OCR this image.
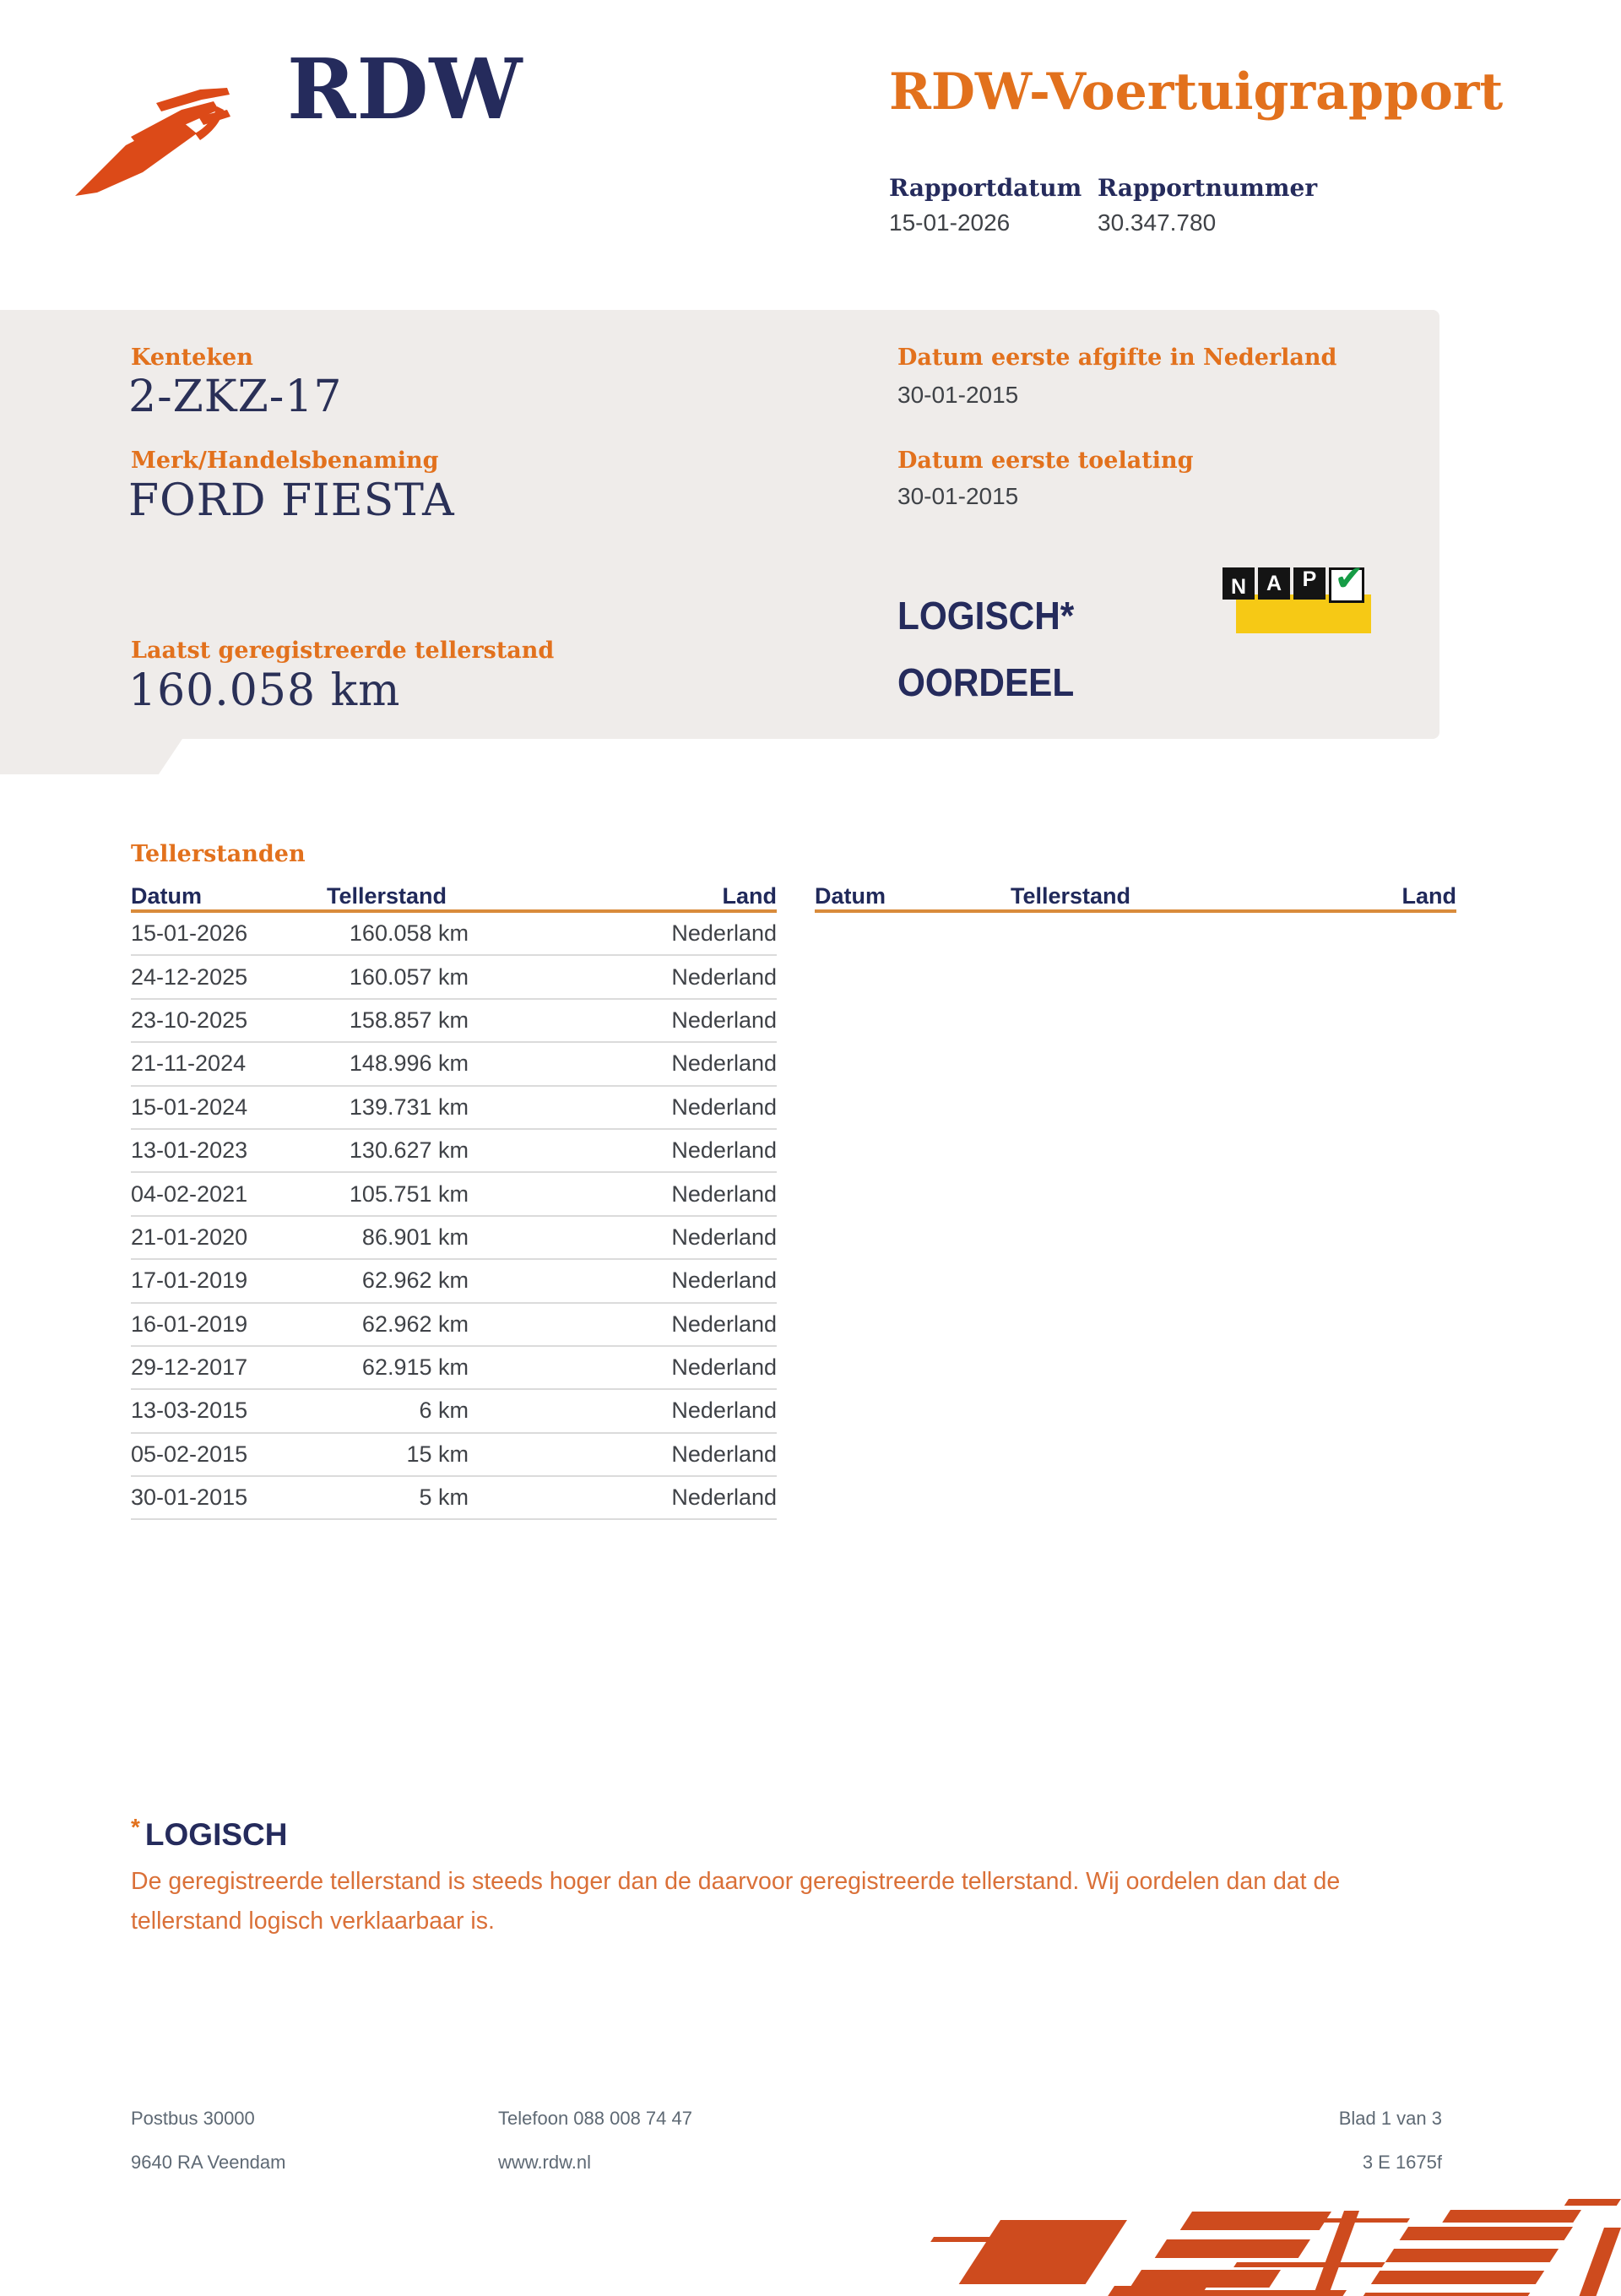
RDW	RDW-Voertuigrapport
Rapportdatum Rapportnummer
15-01-2026	30.347.780
Kenteken
2-ZKZ-17
Merk/Handelsbenaming
FORD FIESTA
Laatst geregistreerde tellerstand
160.058 km
Datum eerste afgifte in Nederland
30-01-2015
Datum eerste toelating
30-01-2015
LOGISCH*
OORDEEL
N A P ✔
Tellerstanden
Datum	Tellerstand	Land
15-01-2026	160.058 km	Nederland
24-12-2025	160.057 km	Nederland
23-10-2025	158.857 km	Nederland
21-11-2024	148.996 km	Nederland
15-01-2024	139.731 km	Nederland
13-01-2023	130.627 km	Nederland
04-02-2021	105.751 km	Nederland
21-01-2020	86.901 km	Nederland
17-01-2019	62.962 km	Nederland
16-01-2019	62.962 km	Nederland
29-12-2017	62.915 km	Nederland
13-03-2015	6 km	Nederland
05-02-2015	15 km	Nederland
30-01-2015	5 km	Nederland
Datum	Tellerstand	Land
* LOGISCH
De geregistreerde tellerstand is steeds hoger dan de daarvoor geregistreerde tellerstand. Wij oordelen dan dat de tellerstand logisch verklaarbaar is.
Postbus 30000
9640 RA Veendam
Telefoon 088 008 74 47
www.rdw.nl
Blad 1 van 3
3 E 1675f
